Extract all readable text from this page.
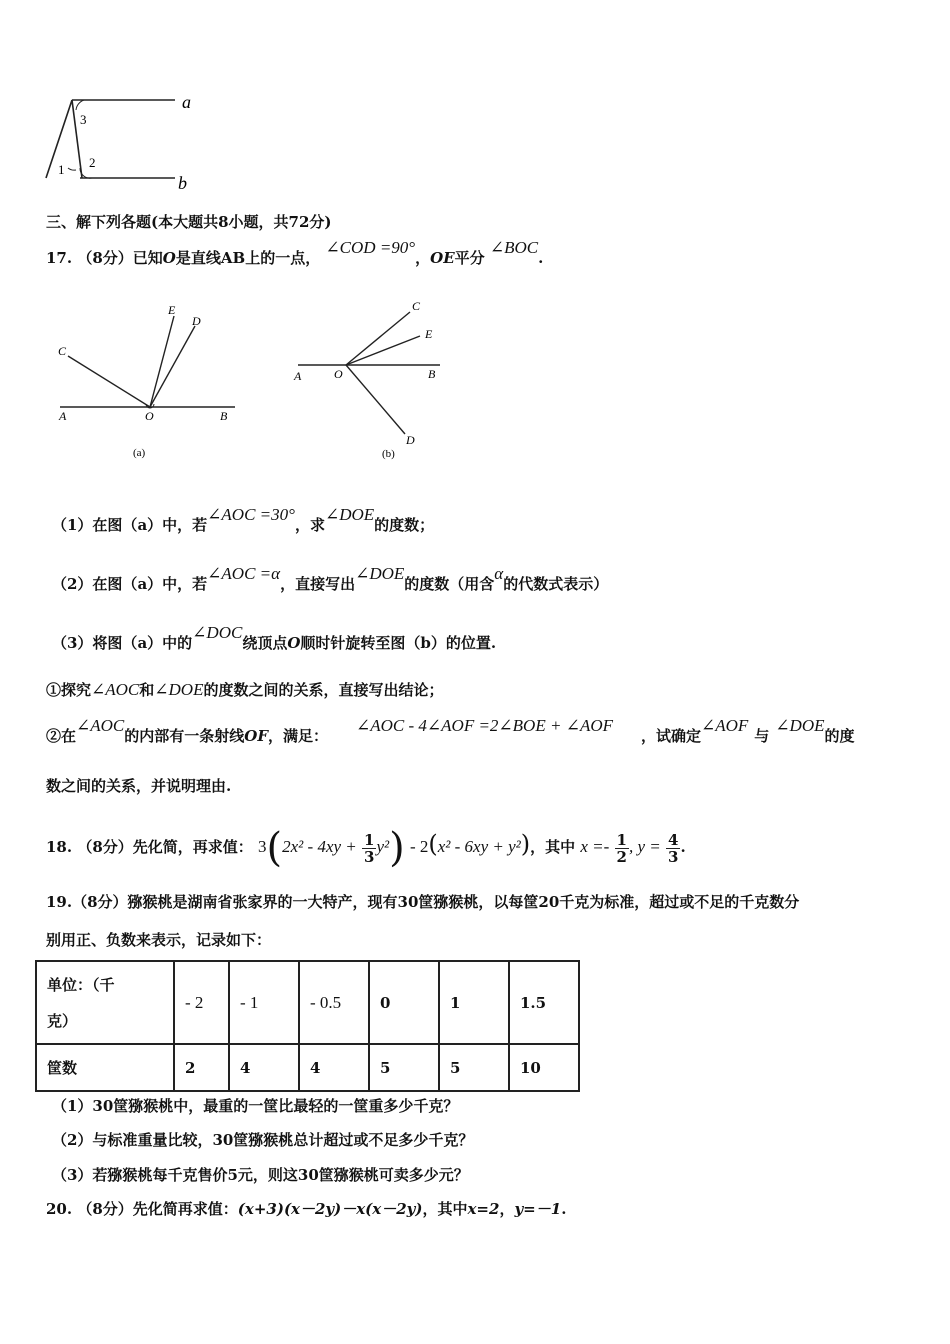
a
b
1 2
3
三、解下列各题(本大题共8小题，共72分)
17. （8分）已知O是直线AB上的一点， ∠COD =90°，OE平分 ∠BOC.
C
E
D
A	O	B
(a)
C
E
A	O	B
D
(b)
（1）在图（a）中，若∠AOC =30°，求∠DOE的度数；
（2）在图（a）中，若∠AOC =α，直接写出∠DOE的度数（用含α的代数式表示）
（3）将图（a）中的∠DOC绕顶点O顺时针旋转至图（b）的位置.
①探究∠AOC和∠DOE的度数之间的关系，直接写出结论；
②在∠AOC的内部有一条射线OF，满足：∠AOC - 4∠AOF =2∠BOE + ∠AOF，试确定∠AOF与∠DOE的度
数之间的关系，并说明理由.
18. （8分）先化简，再求值： $3(2x^2 - 4xy + \frac{1}{3} y^2) - 2(x^2 - 6xy + y^2)$，其中 $x =- \frac{1}{2}$ , $y = \frac{4}{3}$ .
19.（8分）猕猴桃是湖南省张家界的一大特产，现有30筐猕猴桃，以每筐20千克为标准，超过或不足的千克数分
别用正、负数来表示，记录如下：
单位：（千
克）	- 2	- 1	- 0.5	0	1	1.5
筐数	2	4	4	5	5	10
（1）30筐猕猴桃中，最重的一筐比最轻的一筐重多少千克？
（2）与标准重量比较，30筐猕猴桃总计超过或不足多少千克？
（3）若猕猴桃每千克售价5元，则这30筐猕猴桃可卖多少元？
20. （8分）先化简再求值：(x+3)(x－2y)－x(x－2y)，其中x=2，y=－1.
